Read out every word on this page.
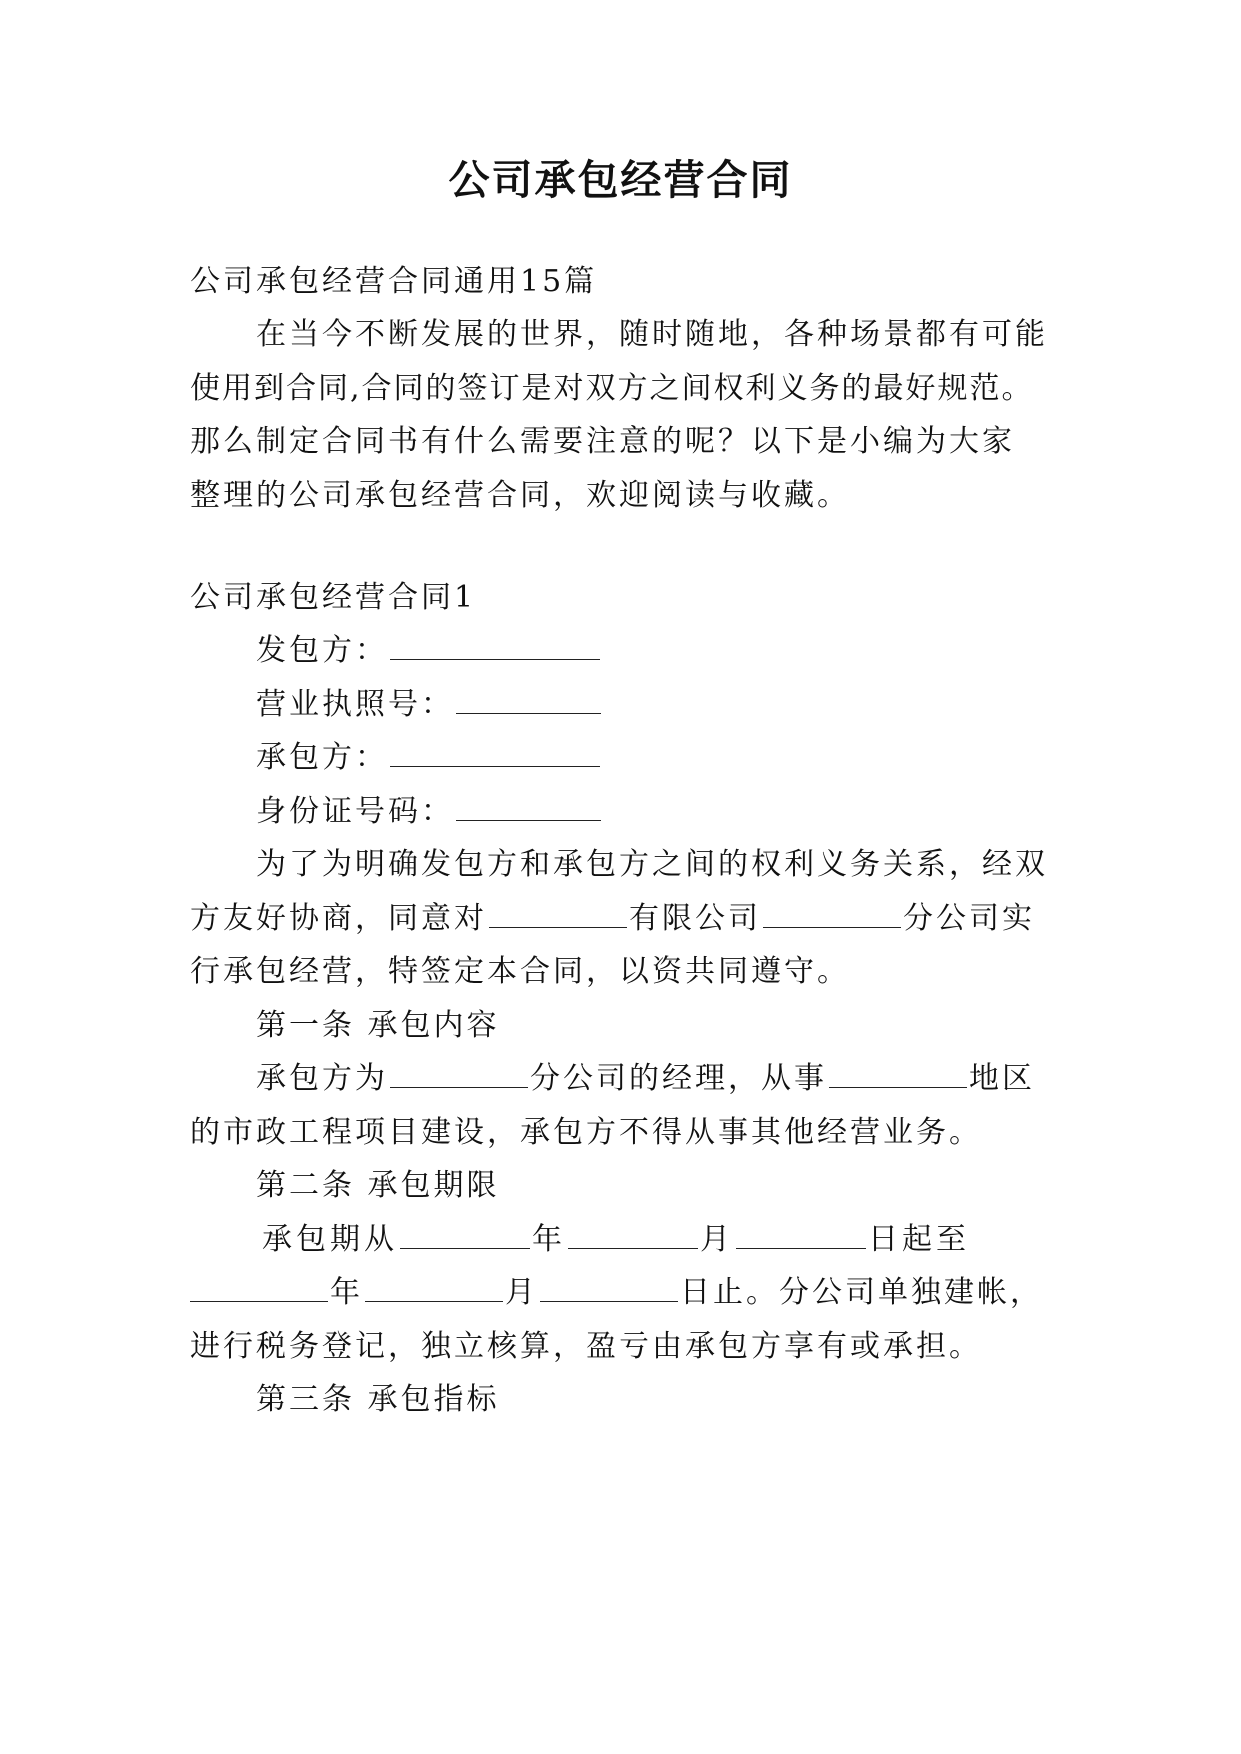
公司承包经营合同
公司承包经营合同通用15篇
在当今不断发展的世界，随时随地，各种场景都有可能
使用到合同,合同的签订是对双方之间权利义务的最好规范。
那么制定合同书有什么需要注意的呢？以下是小编为大家
整理的公司承包经营合同，欢迎阅读与收藏。
公司承包经营合同1
发包方：
营业执照号：
承包方：
身份证号码：
为了为明确发包方和承包方之间的权利义务关系，经双
方友好协商，同意对	有限公司	分公司实
行承包经营，特签定本合同，以资共同遵守。
第一条 承包内容
承包方为	分公司的经理，从事	地区
的市政工程项目建设，承包方不得从事其他经营业务。
第二条 承包期限
承包期从	年	月	日起至
年	月	日止。分公司单独建帐，
进行税务登记，独立核算，盈亏由承包方享有或承担。
第三条 承包指标
